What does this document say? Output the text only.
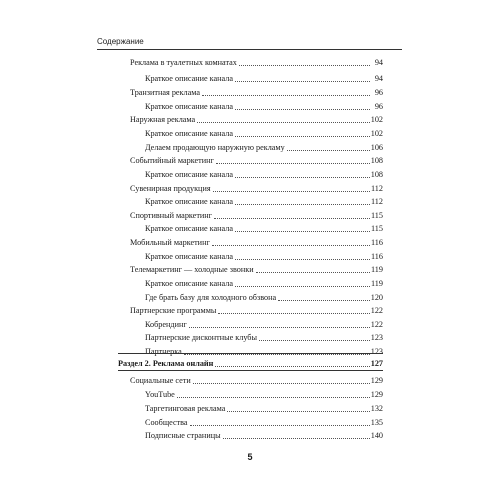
Содержание
Реклама в туалетных комнатах	94
Краткое описание канала	94
Транзитная реклама	96
Краткое описание канала	96
Наружная реклама	102
Краткое описание канала	102
Делаем продающую наружную рекламу	106
Событийный маркетинг	108
Краткое описание канала	108
Сувенирная продукция	112
Краткое описание канала	112
Спортивный маркетинг	115
Краткое описание канала	115
Мобильный маркетинг	116
Краткое описание канала	116
Телемаркетинг — холодные звонки	119
Краткое описание канала	119
Где брать базу для холодного обзвона	120
Партнерские программы	122
Кобрендинг	122
Партнерские дисконтные клубы	123
Партнерка	123
Раздел 2. Реклама онлайн	127
Социальные сети	129
YouTube	129
Таргетинговая реклама	132
Сообщества	135
Подписные страницы	140
5
